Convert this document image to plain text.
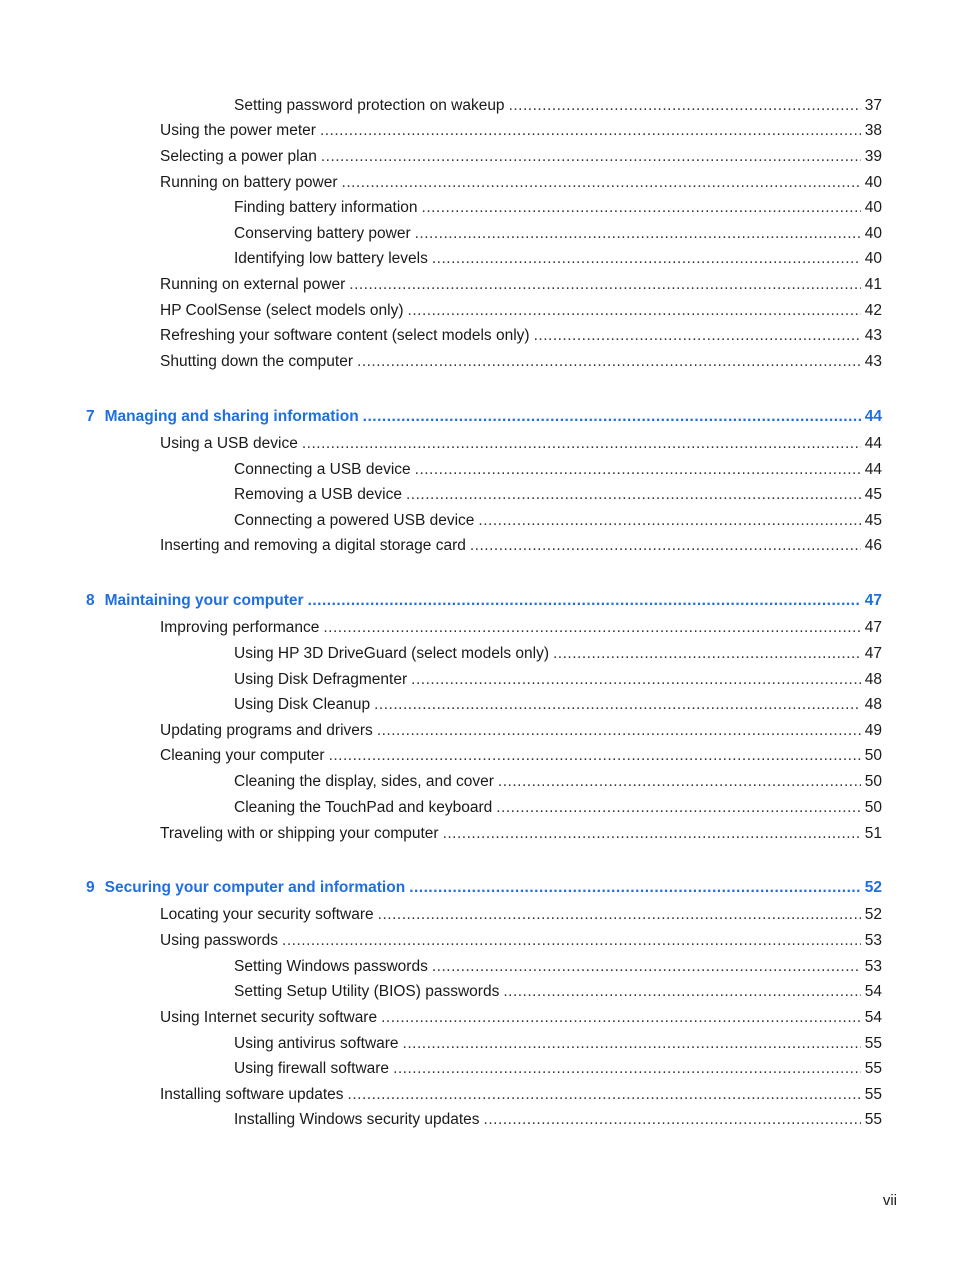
Setting password protection on wakeup .....	37
Using the power meter .....	38
Selecting a power plan .....	39
Running on battery power .....	40
Finding battery information .....	40
Conserving battery power .....	40
Identifying low battery levels .....	40
Running on external power .....	41
HP CoolSense (select models only) .....	42
Refreshing your software content (select models only) .....	43
Shutting down the computer .....	43
7 Managing and sharing information .....	44
Using a USB device .....	44
Connecting a USB device .....	44
Removing a USB device .....	45
Connecting a powered USB device .....	45
Inserting and removing a digital storage card .....	46
8 Maintaining your computer .....	47
Improving performance .....	47
Using HP 3D DriveGuard (select models only) .....	47
Using Disk Defragmenter .....	48
Using Disk Cleanup .....	48
Updating programs and drivers .....	49
Cleaning your computer .....	50
Cleaning the display, sides, and cover .....	50
Cleaning the TouchPad and keyboard .....	50
Traveling with or shipping your computer .....	51
9 Securing your computer and information .....	52
Locating your security software .....	52
Using passwords .....	53
Setting Windows passwords .....	53
Setting Setup Utility (BIOS) passwords .....	54
Using Internet security software .....	54
Using antivirus software .....	55
Using firewall software .....	55
Installing software updates .....	55
Installing Windows security updates .....	55
vii
